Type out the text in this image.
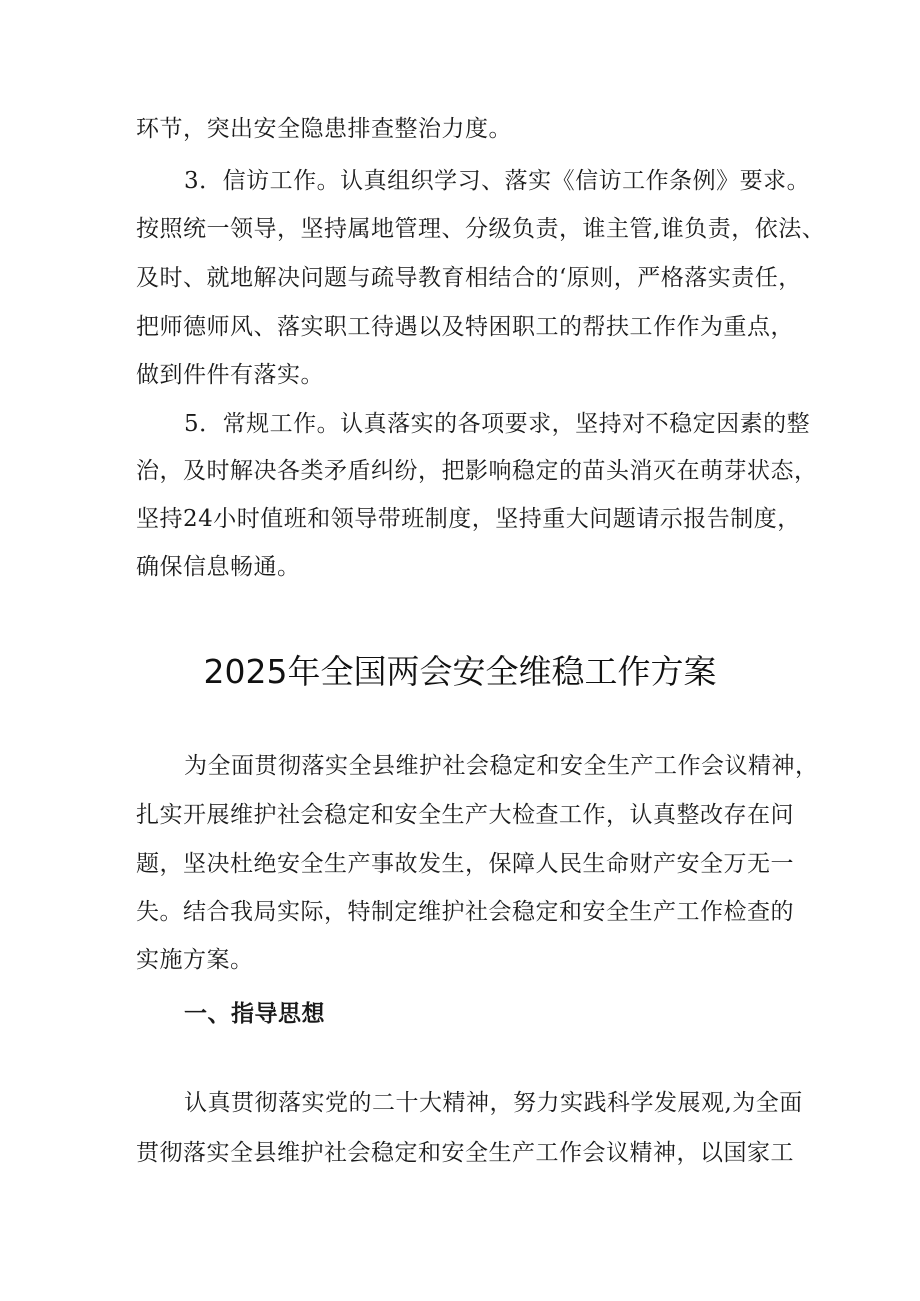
环节，突出安全隐患排查整治力度。
3．信访工作。认真组织学习、落实《信访工作条例》要求。
按照统一领导，坚持属地管理、分级负责，谁主管,谁负责，依法、
及时、就地解决问题与疏导教育相结合的‘原则，严格落实责任，
把师德师风、落实职工待遇以及特困职工的帮扶工作作为重点，
做到件件有落实。
5．常规工作。认真落实的各项要求，坚持对不稳定因素的整
治，及时解决各类矛盾纠纷，把影响稳定的苗头消灭在萌芽状态，
坚持24小时值班和领导带班制度，坚持重大问题请示报告制度，
确保信息畅通。
2025年全国两会安全维稳工作方案
为全面贯彻落实全县维护社会稳定和安全生产工作会议精神，
扎实开展维护社会稳定和安全生产大检查工作，认真整改存在问
题，坚决杜绝安全生产事故发生，保障人民生命财产安全万无一
失。结合我局实际，特制定维护社会稳定和安全生产工作检查的
实施方案。
一、指导思想
认真贯彻落实党的二十大精神，努力实践科学发展观,为全面
贯彻落实全县维护社会稳定和安全生产工作会议精神，以国家工
